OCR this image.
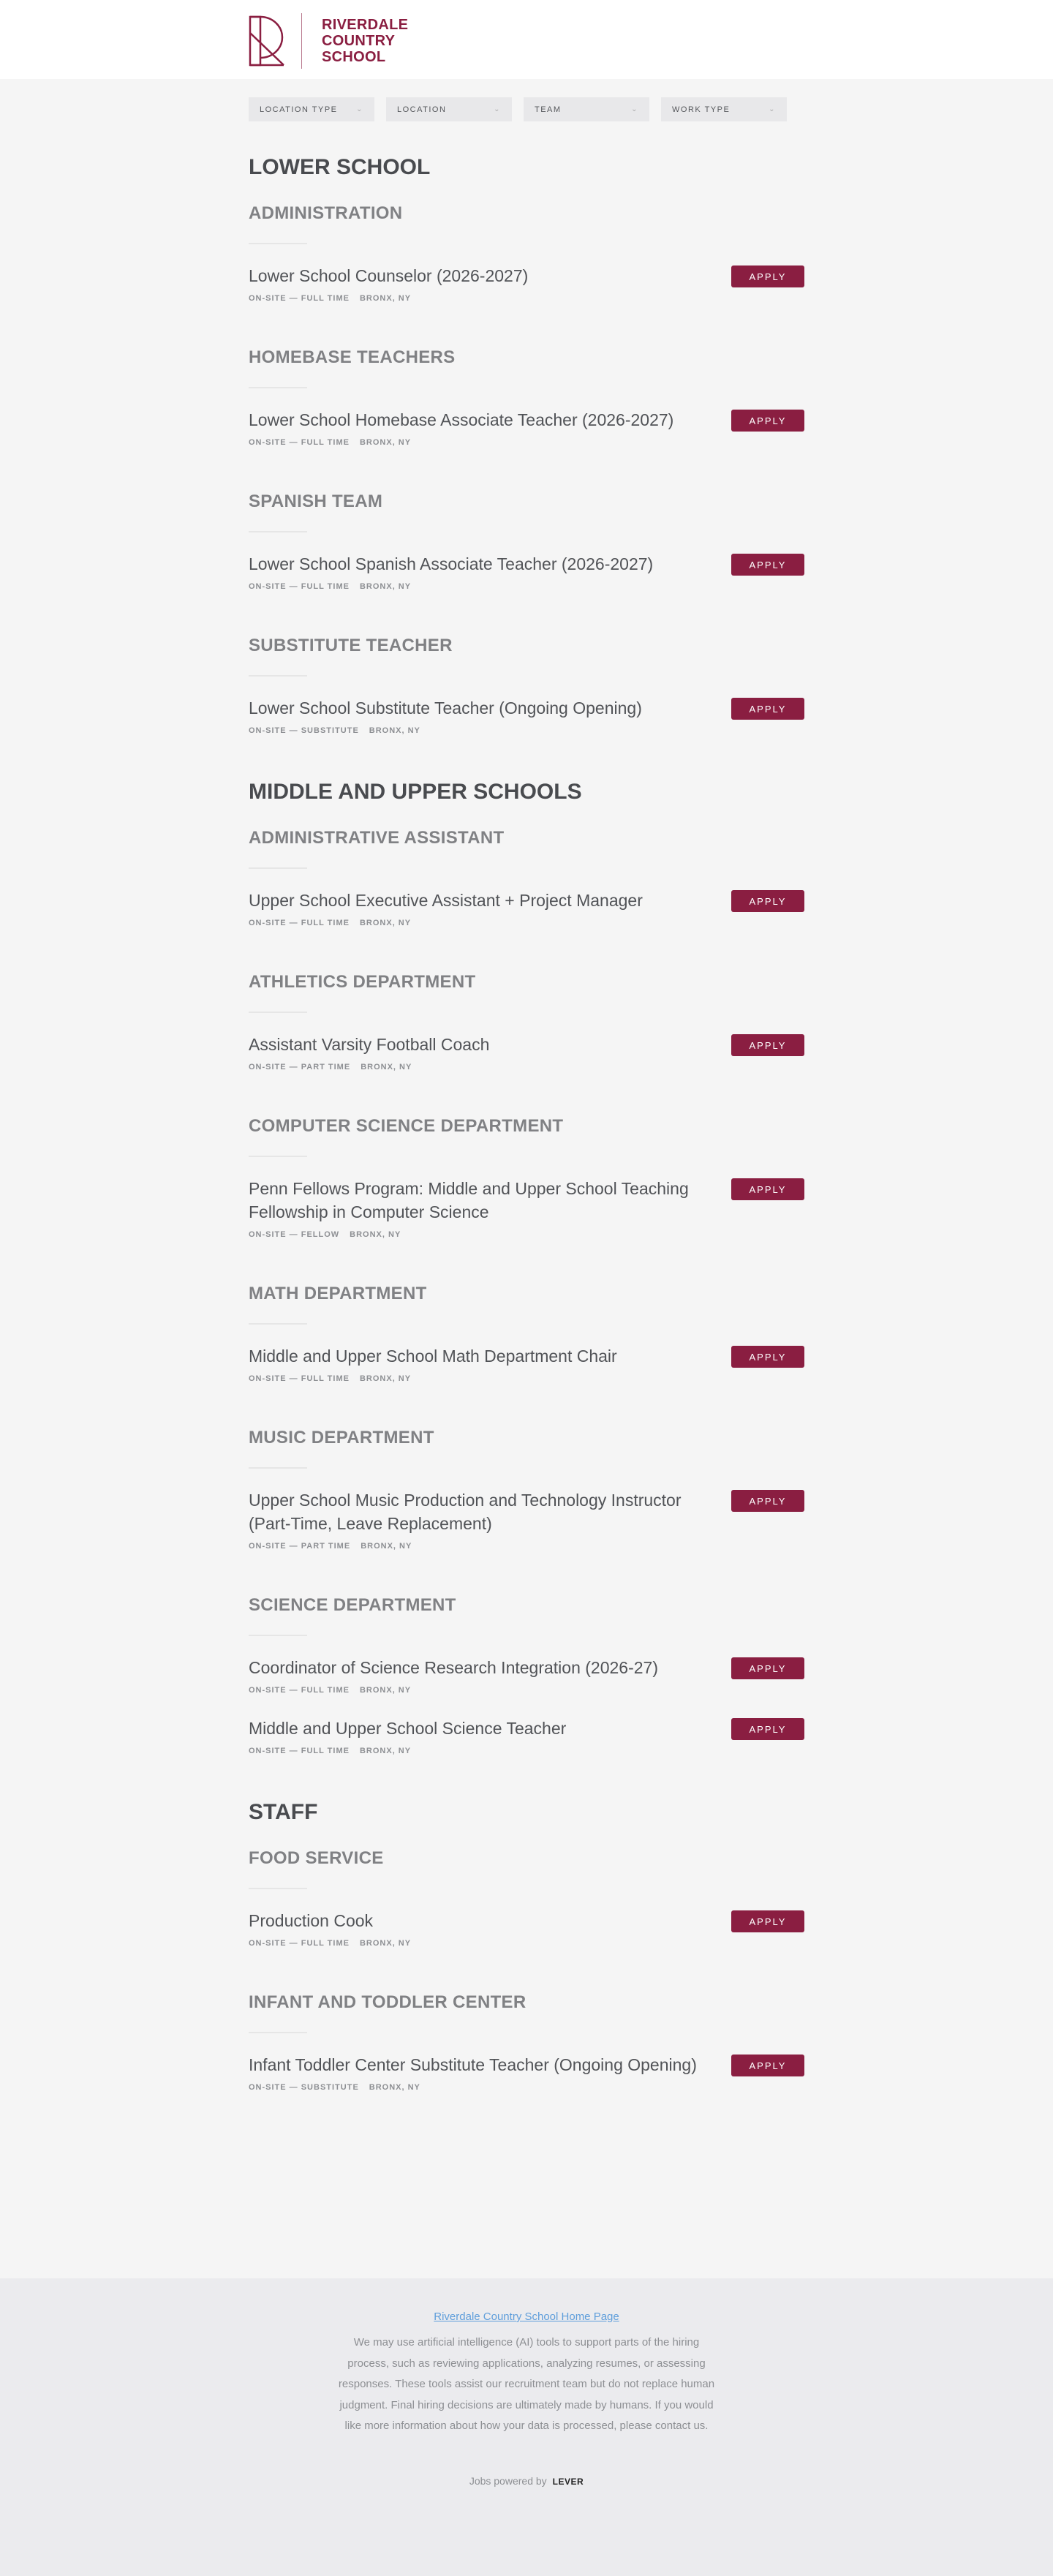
RIVERDALE
COUNTRY
SCHOOL
LOCATION TYPE	⌄	LOCATION	⌄	TEAM	⌄	WORK TYPE	⌄
LOWER SCHOOL
ADMINISTRATION
Lower School Counselor (2026-2027)
ON-SITE — FULL TIME BRONX, NY
APPLY
HOMEBASE TEACHERS
Lower School Homebase Associate Teacher (2026-2027)
ON-SITE — FULL TIME BRONX, NY
APPLY
SPANISH TEAM
Lower School Spanish Associate Teacher (2026-2027)
ON-SITE — FULL TIME BRONX, NY
APPLY
SUBSTITUTE TEACHER
Lower School Substitute Teacher (Ongoing Opening)
ON-SITE — SUBSTITUTE BRONX, NY
APPLY
MIDDLE AND UPPER SCHOOLS
ADMINISTRATIVE ASSISTANT
Upper School Executive Assistant + Project Manager
ON-SITE — FULL TIME BRONX, NY
APPLY
ATHLETICS DEPARTMENT
Assistant Varsity Football Coach
ON-SITE — PART TIME BRONX, NY
APPLY
COMPUTER SCIENCE DEPARTMENT
Penn Fellows Program: Middle and Upper School Teaching Fellowship in Computer Science
ON-SITE — FELLOW BRONX, NY
APPLY
MATH DEPARTMENT
Middle and Upper School Math Department Chair
ON-SITE — FULL TIME BRONX, NY
APPLY
MUSIC DEPARTMENT
Upper School Music Production and Technology Instructor (Part-Time, Leave Replacement)
ON-SITE — PART TIME BRONX, NY
APPLY
SCIENCE DEPARTMENT
Coordinator of Science Research Integration (2026-27)
ON-SITE — FULL TIME BRONX, NY
APPLY
Middle and Upper School Science Teacher
ON-SITE — FULL TIME BRONX, NY
APPLY
STAFF
FOOD SERVICE
Production Cook
ON-SITE — FULL TIME BRONX, NY
APPLY
INFANT AND TODDLER CENTER
Infant Toddler Center Substitute Teacher (Ongoing Opening)
ON-SITE — SUBSTITUTE BRONX, NY
APPLY
Riverdale Country School Home Page

We may use artificial intelligence (AI) tools to support parts of the hiring process, such as reviewing applications, analyzing resumes, or assessing responses. These tools assist our recruitment team but do not replace human judgment. Final hiring decisions are ultimately made by humans. If you would like more information about how your data is processed, please contact us.

Jobs powered by LEVER
